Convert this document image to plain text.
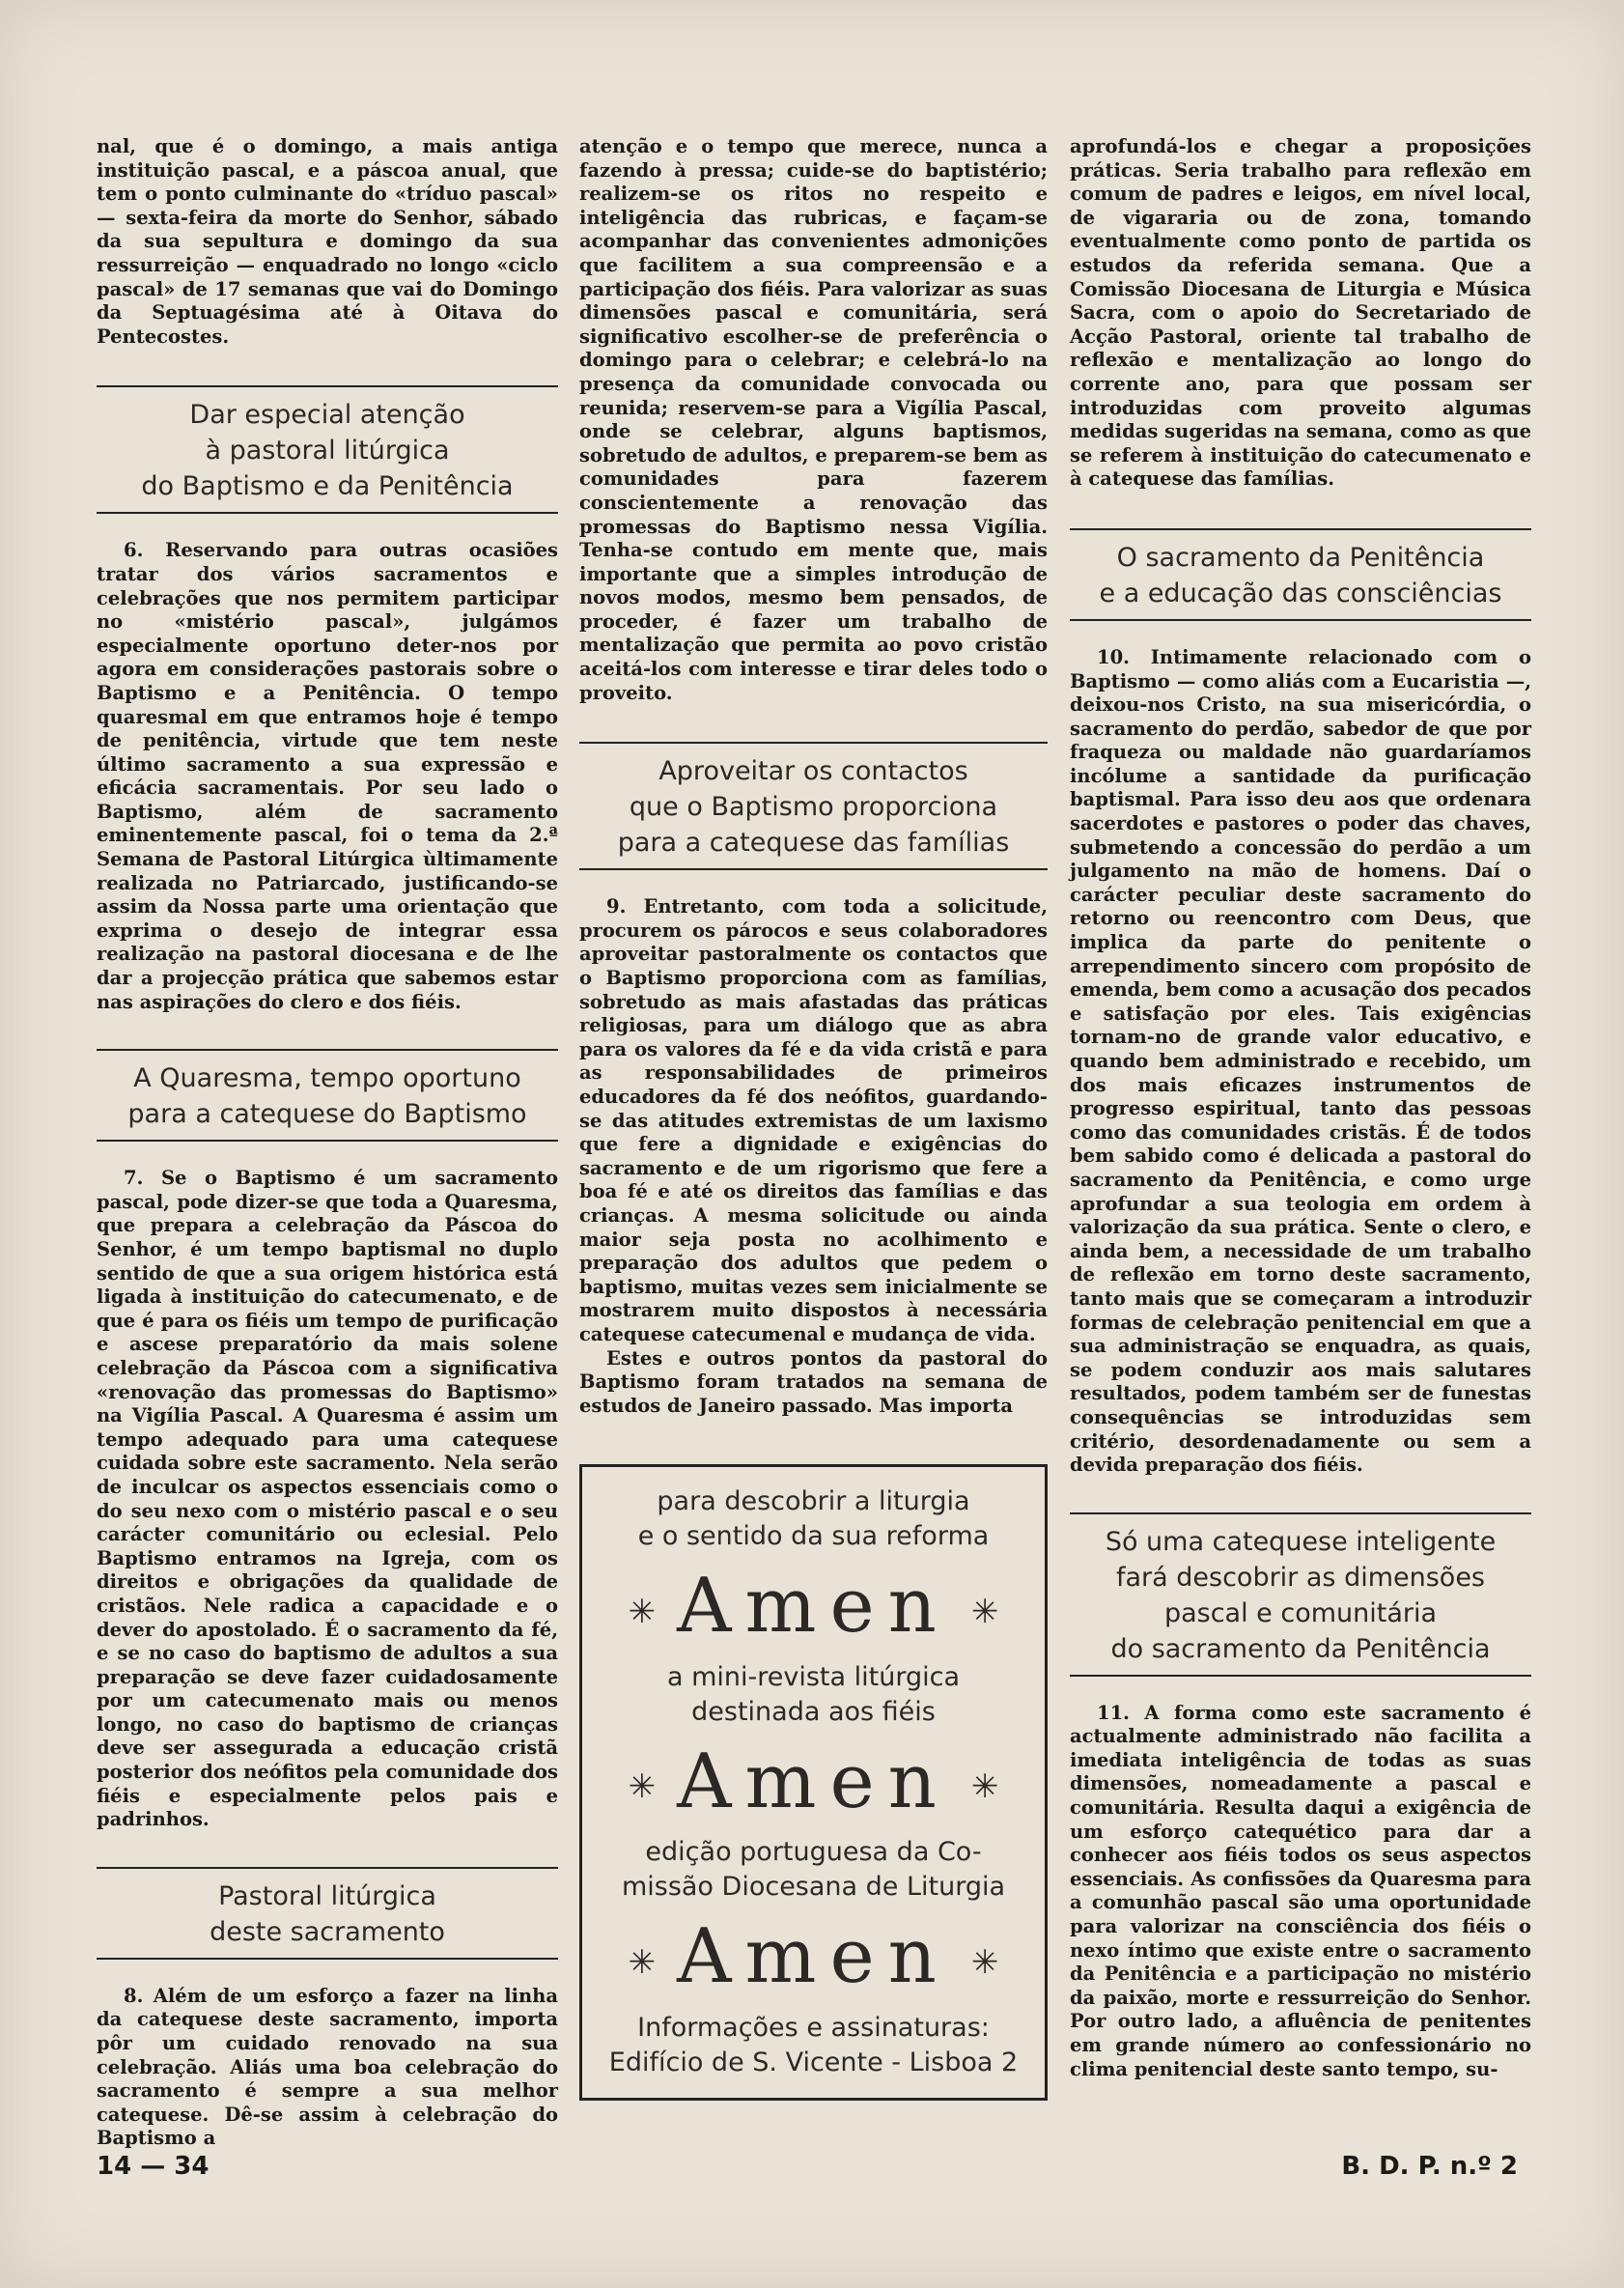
nal, que é o domingo, a mais antiga instituição pascal, e a páscoa anual, que tem o ponto culminante do «tríduo pascal» — sexta-feira da morte do Senhor, sábado da sua sepultura e domingo da sua ressurreição — enquadrado no longo «ciclo pascal» de 17 semanas que vai do Domingo da Septuagésima até à Oitava do Pentecostes.

Dar especial atenção
à pastoral litúrgica
do Baptismo e da Penitência

6. Reservando para outras ocasiões tratar dos vários sacramentos e celebrações que nos permitem participar no «mistério pascal», julgámos especialmente oportuno deter-nos por agora em considerações pastorais sobre o Baptismo e a Penitência. O tempo quaresmal em que entramos hoje é tempo de penitência, virtude que tem neste último sacramento a sua expressão e eficácia sacramentais. Por seu lado o Baptismo, além de sacramento eminentemente pascal, foi o tema da 2.ª Semana de Pastoral Litúrgica ùltimamente realizada no Patriarcado, justificando-se assim da Nossa parte uma orientação que exprima o desejo de integrar essa realização na pastoral diocesana e de lhe dar a projecção prática que sabemos estar nas aspirações do clero e dos fiéis.

A Quaresma, tempo oportuno
para a catequese do Baptismo

7. Se o Baptismo é um sacramento pascal, pode dizer-se que toda a Quaresma, que prepara a celebração da Páscoa do Senhor, é um tempo baptismal no duplo sentido de que a sua origem histórica está ligada à instituição do catecumenato, e de que é para os fiéis um tempo de purificação e ascese preparatório da mais solene celebração da Páscoa com a significativa «renovação das promessas do Baptismo» na Vigília Pascal. A Quaresma é assim um tempo adequado para uma catequese cuidada sobre este sacramento. Nela serão de inculcar os aspectos essenciais como o do seu nexo com o mistério pascal e o seu carácter comunitário ou eclesial. Pelo Baptismo entramos na Igreja, com os direitos e obrigações da qualidade de cristãos. Nele radica a capacidade e o dever do apostolado. É o sacramento da fé, e se no caso do baptismo de adultos a sua preparação se deve fazer cuidadosamente por um catecumenato mais ou menos longo, no caso do baptismo de crianças deve ser assegurada a educação cristã posterior dos neófitos pela comunidade dos fiéis e especialmente pelos pais e padrinhos.

Pastoral litúrgica
deste sacramento

8. Além de um esforço a fazer na linha da catequese deste sacramento, importa pôr um cuidado renovado na sua celebração. Aliás uma boa celebração do sacramento é sempre a sua melhor catequese. Dê-se assim à celebração do Baptismo a

atenção e o tempo que merece, nunca a fazendo à pressa; cuide-se do baptistério; realizem-se os ritos no respeito e inteligência das rubricas, e façam-se acompanhar das convenientes admonições que facilitem a sua compreensão e a participação dos fiéis. Para valorizar as suas dimensões pascal e comunitária, será significativo escolher-se de preferência o domingo para o celebrar; e celebrá-lo na presença da comunidade convocada ou reunida; reservem-se para a Vigília Pascal, onde se celebrar, alguns baptismos, sobretudo de adultos, e preparem-se bem as comunidades para fazerem conscientemente a renovação das promessas do Baptismo nessa Vigília. Tenha-se contudo em mente que, mais importante que a simples introdução de novos modos, mesmo bem pensados, de proceder, é fazer um trabalho de mentalização que permita ao povo cristão aceitá-los com interesse e tirar deles todo o proveito.

Aproveitar os contactos
que o Baptismo proporciona
para a catequese das famílias

9. Entretanto, com toda a solicitude, procurem os párocos e seus colaboradores aproveitar pastoralmente os contactos que o Baptismo proporciona com as famílias, sobretudo as mais afastadas das práticas religiosas, para um diálogo que as abra para os valores da fé e da vida cristã e para as responsabilidades de primeiros educadores da fé dos neófitos, guardando-se das atitudes extremistas de um laxismo que fere a dignidade e exigências do sacramento e de um rigorismo que fere a boa fé e até os direitos das famílias e das crianças. A mesma solicitude ou ainda maior seja posta no acolhimento e preparação dos adultos que pedem o baptismo, muitas vezes sem inicialmente se mostrarem muito dispostos à necessária catequese catecumenal e mudança de vida.

Estes e outros pontos da pastoral do Baptismo foram tratados na semana de estudos de Janeiro passado. Mas importa

para descobrir a liturgia
e o sentido da sua reforma
✳ Amen ✳
a mini-revista litúrgica
destinada aos fiéis
✳ Amen ✳
edição portuguesa da Co-
missão Diocesana de Liturgia
✳ Amen ✳
Informações e assinaturas:
Edifício de S. Vicente - Lisboa 2

aprofundá-los e chegar a proposições práticas. Seria trabalho para reflexão em comum de padres e leigos, em nível local, de vigararia ou de zona, tomando eventualmente como ponto de partida os estudos da referida semana. Que a Comissão Diocesana de Liturgia e Música Sacra, com o apoio do Secretariado de Acção Pastoral, oriente tal trabalho de reflexão e mentalização ao longo do corrente ano, para que possam ser introduzidas com proveito algumas medidas sugeridas na semana, como as que se referem à instituição do catecumenato e à catequese das famílias.

O sacramento da Penitência
e a educação das consciências

10. Intimamente relacionado com o Baptismo — como aliás com a Eucaristia —, deixou-nos Cristo, na sua misericórdia, o sacramento do perdão, sabedor de que por fraqueza ou maldade não guardaríamos incólume a santidade da purificação baptismal. Para isso deu aos que ordenara sacerdotes e pastores o poder das chaves, submetendo a concessão do perdão a um julgamento na mão de homens. Daí o carácter peculiar deste sacramento do retorno ou reencontro com Deus, que implica da parte do penitente o arrependimento sincero com propósito de emenda, bem como a acusação dos pecados e satisfação por eles. Tais exigências tornam-no de grande valor educativo, e quando bem administrado e recebido, um dos mais eficazes instrumentos de progresso espiritual, tanto das pessoas como das comunidades cristãs. É de todos bem sabido como é delicada a pastoral do sacramento da Penitência, e como urge aprofundar a sua teologia em ordem à valorização da sua prática. Sente o clero, e ainda bem, a necessidade de um trabalho de reflexão em torno deste sacramento, tanto mais que se começaram a introduzir formas de celebração penitencial em que a sua administração se enquadra, as quais, se podem conduzir aos mais salutares resultados, podem também ser de funestas consequências se introduzidas sem critério, desordenadamente ou sem a devida preparação dos fiéis.

Só uma catequese inteligente
fará descobrir as dimensões
pascal e comunitária
do sacramento da Penitência

11. A forma como este sacramento é actualmente administrado não facilita a imediata inteligência de todas as suas dimensões, nomeadamente a pascal e comunitária. Resulta daqui a exigência de um esforço catequético para dar a conhecer aos fiéis todos os seus aspectos essenciais. As confissões da Quaresma para a comunhão pascal são uma oportunidade para valorizar na consciência dos fiéis o nexo íntimo que existe entre o sacramento da Penitência e a participação no mistério da paixão, morte e ressurreição do Senhor. Por outro lado, a afluência de penitentes em grande número ao confessionário no clima penitencial deste santo tempo, su-

14 — 34	B. D. P. n.º 2
